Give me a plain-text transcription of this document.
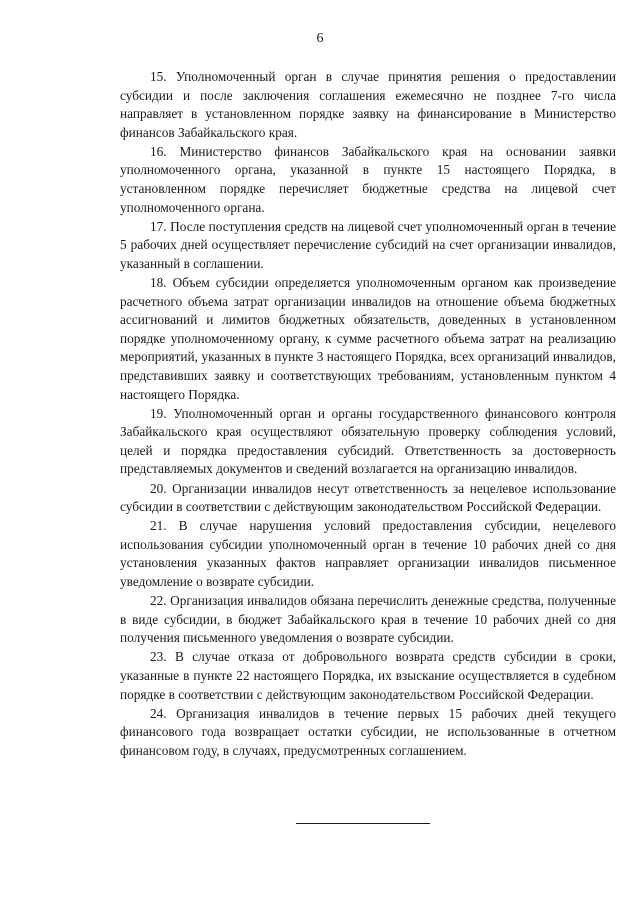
6

15. Уполномоченный орган в случае принятия решения о предоставлении субсидии и после заключения соглашения ежемесячно не позднее 7-го числа направляет в установленном порядке заявку на финансирование в Министерство финансов Забайкальского края.

16. Министерство финансов Забайкальского края на основании заявки уполномоченного органа, указанной в пункте 15 настоящего Порядка, в установленном порядке перечисляет бюджетные средства на лицевой счет уполномоченного органа.

17. После поступления средств на лицевой счет уполномоченный орган в течение 5 рабочих дней осуществляет перечисление субсидий на счет организации инвалидов, указанный в соглашении.

18. Объем субсидии определяется уполномоченным органом как произведение расчетного объема затрат организации инвалидов на отношение объема бюджетных ассигнований и лимитов бюджетных обязательств, доведенных в установленном порядке уполномоченному органу, к сумме расчетного объема затрат на реализацию мероприятий, указанных в пункте 3 настоящего Порядка, всех организаций инвалидов, представивших заявку и соответствующих требованиям, установленным пунктом 4 настоящего Порядка.

19. Уполномоченный орган и органы государственного финансового контроля Забайкальского края осуществляют обязательную проверку соблюдения условий, целей и порядка предоставления субсидий. Ответственность за достоверность представляемых документов и сведений возлагается на организацию инвалидов.

20. Организации инвалидов несут ответственность за нецелевое использование субсидии в соответствии с действующим законодательством Российской Федерации.

21. В случае нарушения условий предоставления субсидии, нецелевого использования субсидии уполномоченный орган в течение 10 рабочих дней со дня установления указанных фактов направляет организации инвалидов письменное уведомление о возврате субсидии.

22. Организация инвалидов обязана перечислить денежные средства, полученные в виде субсидии, в бюджет Забайкальского края в течение 10 рабочих дней со дня получения письменного уведомления о возврате субсидии.

23. В случае отказа от добровольного возврата средств субсидии в сроки, указанные в пункте 22 настоящего Порядка, их взыскание осуществляется в судебном порядке в соответствии с действующим законодательством Российской Федерации.

24. Организация инвалидов в течение первых 15 рабочих дней текущего финансового года возвращает остатки субсидии, не использованные в отчетном финансовом году, в случаях, предусмотренных соглашением.
